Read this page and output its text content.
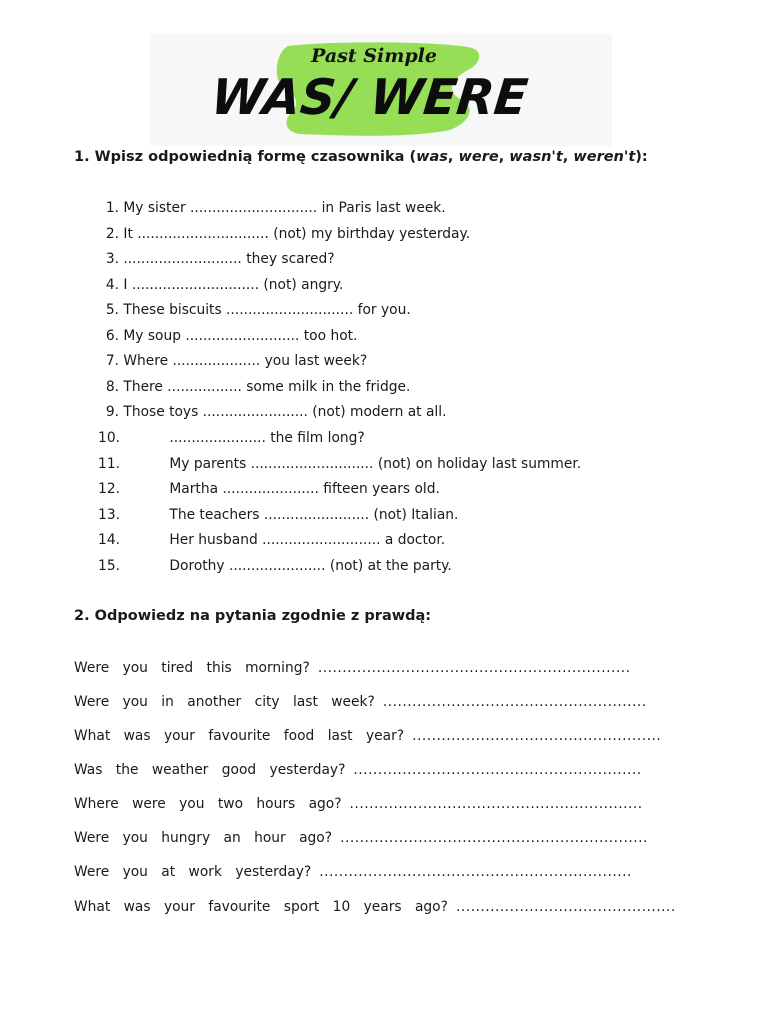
Past Simple
WAS/ WERE
1. Wpisz odpowiednią formę czasownika (was, were, wasn't, weren't):
1. My sister ............................. in Paris last week.
2. It .............................. (not) my birthday yesterday.
3. ........................... they scared?
4. I ............................. (not) angry.
5. These biscuits ............................. for you.
6. My soup .......................... too hot.
7. Where .................... you last week?
8. There ................. some milk in the fridge.
9. Those toys ........................ (not) modern at all.
10.	...................... the film long?
11.	My parents ............................ (not) on holiday last summer.
12.	Martha ...................... fifteen years old.
13.	The teachers ........................ (not) Italian.
14.	Her husband ........................... a doctor.
15.	Dorothy ...................... (not) at the party.
2. Odpowiedz na pytania zgodnie z prawdą:
Were you tired this morning? ................................................................
Were you in another city last week? ......................................................
What was your favourite food last year? ...................................................
Was the weather good yesterday? ...........................................................
Where were you two hours ago? ............................................................
Were you hungry an hour ago? ...............................................................
Were you at work yesterday? ................................................................
What was your favourite sport 10 years ago? .............................................
